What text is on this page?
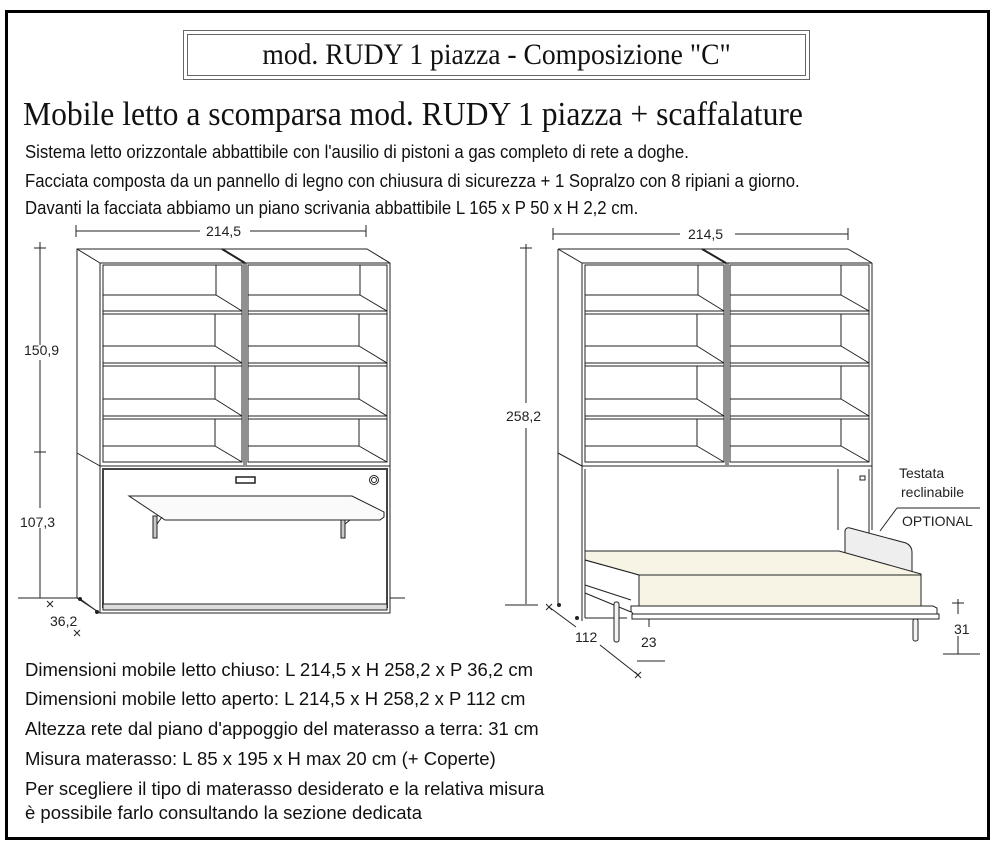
mod. RUDY 1 piazza - Composizione "C"
Mobile letto a scomparsa mod. RUDY 1 piazza + scaffalature
Sistema letto orizzontale abbattibile con l'ausilio di pistoni a gas completo di rete a doghe.
Facciata composta da un pannello di legno con chiusura di sicurezza + 1 Sopralzo con 8 ripiani a giorno.
Davanti la facciata abbiamo un piano scrivania abbattibile L 165 x P 50 x H 2,2 cm.
214,5
150,9
107,3
36,2
214,5
258,2
112	23
31
Testata
reclinabile
OPTIONAL
Dimensioni mobile letto chiuso: L 214,5 x H 258,2 x P 36,2 cm
Dimensioni mobile letto aperto: L 214,5 x H 258,2 x P 112 cm
Altezza rete dal piano d'appoggio del materasso a terra: 31 cm
Misura materasso: L 85 x 195 x H max 20 cm (+ Coperte)
Per scegliere il tipo di materasso desiderato e la relativa misura
è possibile farlo consultando la sezione dedicata
